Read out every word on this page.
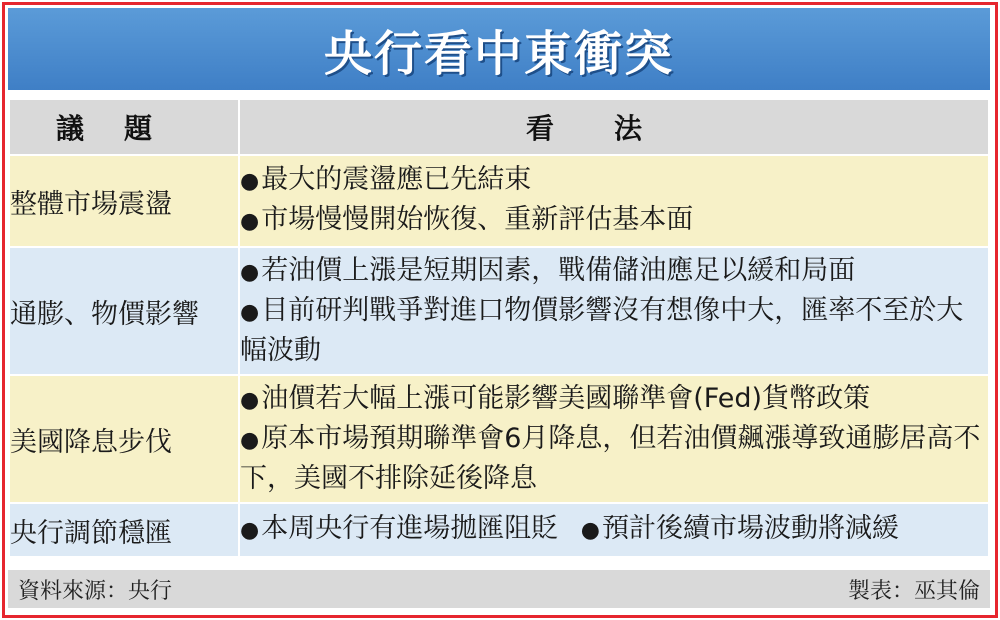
央行看中東衝突
議題	看法
整體市場震盪	●最大的震盪應已先結束
●市場慢慢開始恢復、重新評估基本面

通膨、物價影響	●若油價上漲是短期因素，戰備儲油應足以緩和局面
●目前研判戰爭對進口物價影響沒有想像中大，匯率不至於大幅波動

美國降息步伐	●油價若大幅上漲可能影響美國聯準會(Fed)貨幣政策
●原本市場預期聯準會6月降息，但若油價飆漲導致通膨居高不下，美國不排除延後降息

央行調節穩匯	●本周央行有進場拋匯阻貶 ●預計後續市場波動將減緩
資料來源：央行	製表：巫其倫
